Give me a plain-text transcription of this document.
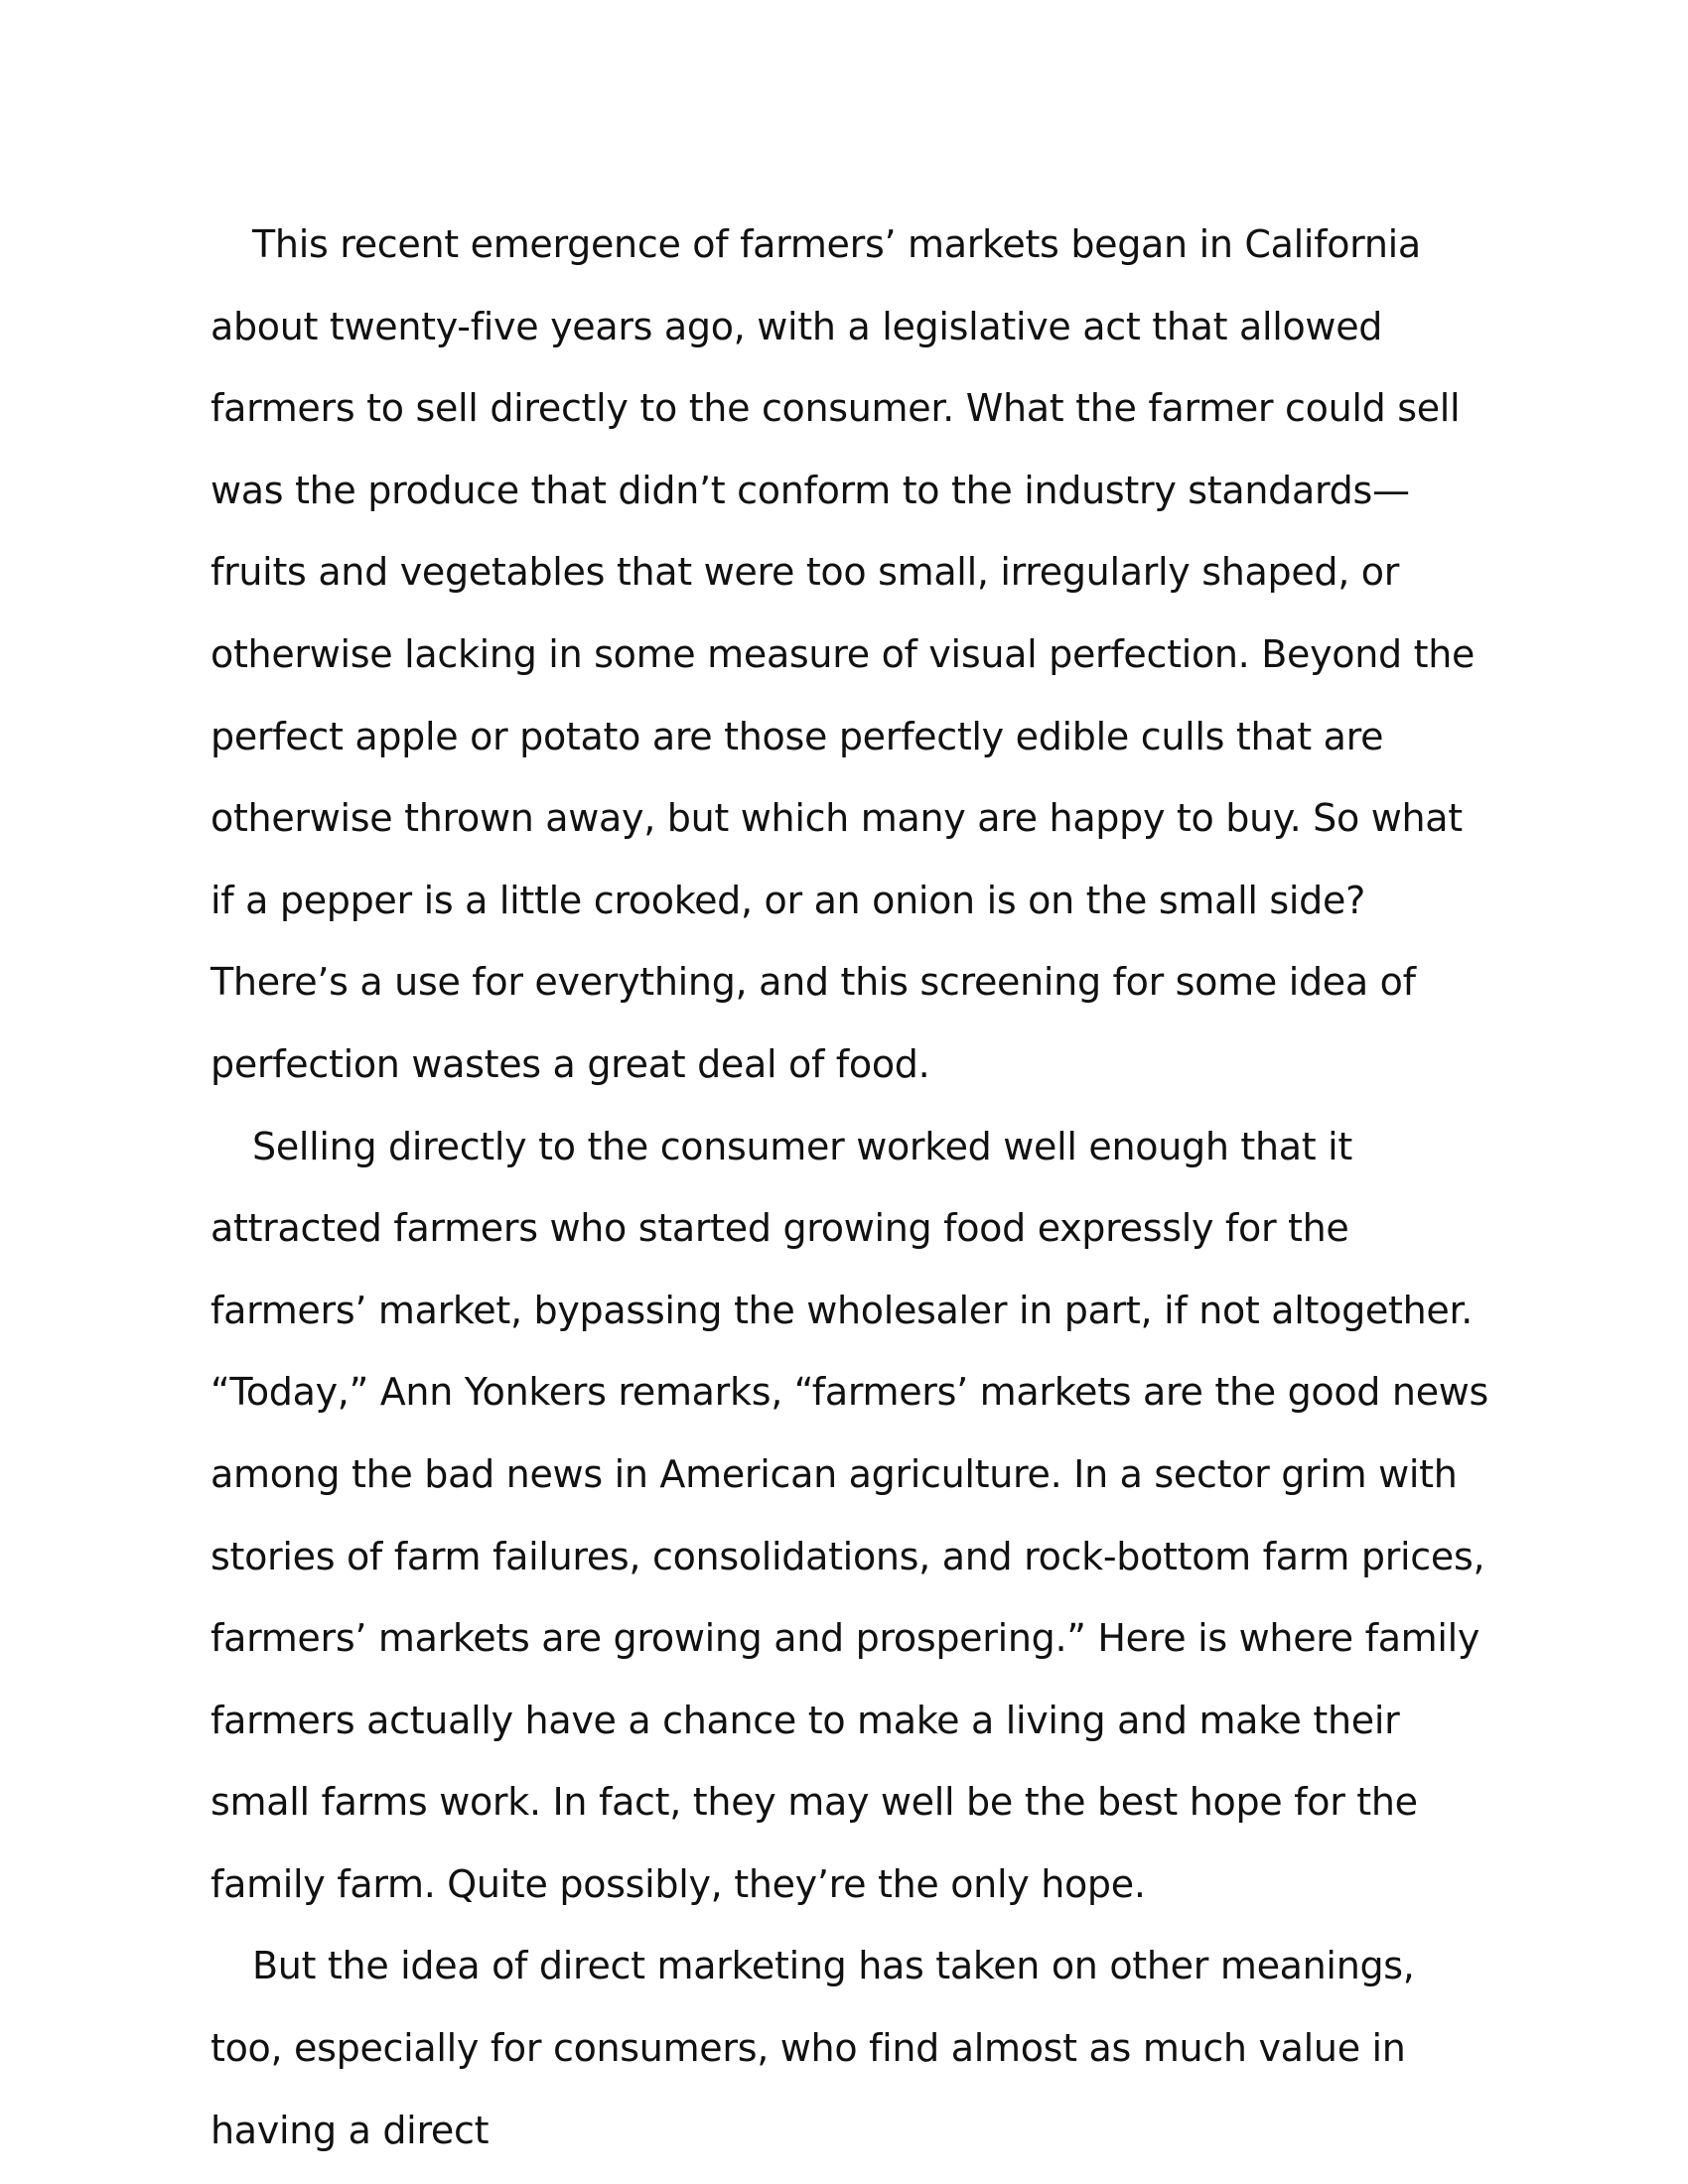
This recent emergence of farmers’ markets began in California about twenty-five years ago, with a legislative act that allowed farmers to sell directly to the consumer. What the farmer could sell was the produce that didn’t conform to the industry standards—fruits and vegetables that were too small, irregularly shaped, or otherwise lacking in some measure of visual perfection. Beyond the perfect apple or potato are those perfectly edible culls that are otherwise thrown away, but which many are happy to buy. So what if a pepper is a little crooked, or an onion is on the small side? There’s a use for everything, and this screening for some idea of perfection wastes a great deal of food.

Selling directly to the consumer worked well enough that it attracted farmers who started growing food expressly for the farmers’ market, bypassing the wholesaler in part, if not altogether. “Today,” Ann Yonkers remarks, “farmers’ markets are the good news among the bad news in American agriculture. In a sector grim with stories of farm failures, consolidations, and rock-bottom farm prices, farmers’ markets are growing and prospering.” Here is where family farmers actually have a chance to make a living and make their small farms work. In fact, they may well be the best hope for the family farm. Quite possibly, they’re the only hope.

But the idea of direct marketing has taken on other meanings, too, especially for consumers, who find almost as much value in having a direct
